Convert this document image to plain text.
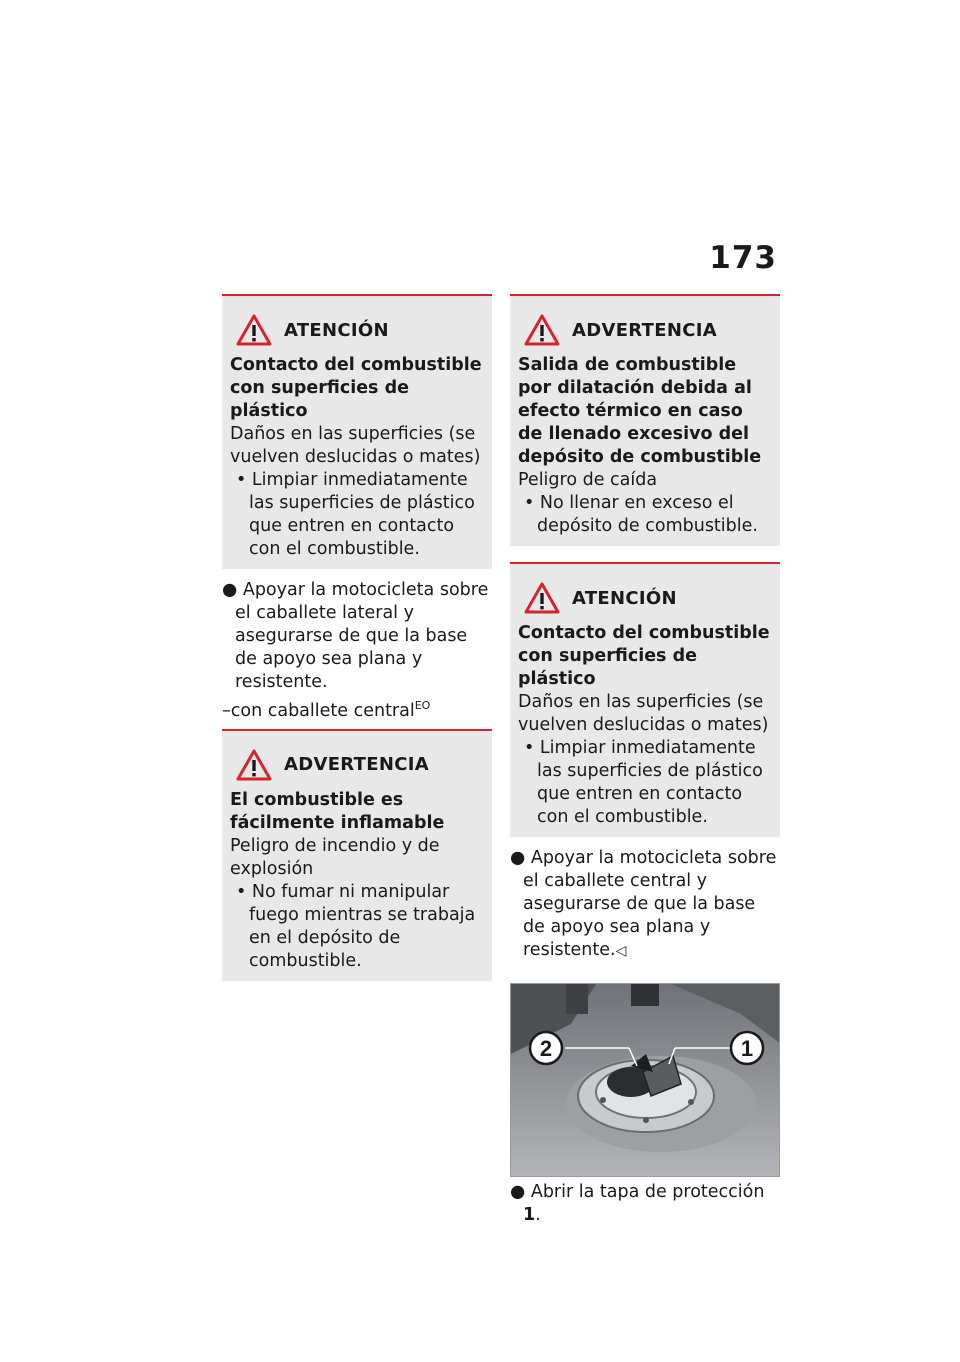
173
ATENCIÓN
Contacto del combustible con superficies de plástico
Daños en las superficies (se vuelven deslucidas o mates)
• Limpiar inmediatamente las superficies de plástico que entren en contacto con el combustible.
● Apoyar la motocicleta sobre el caballete lateral y asegurarse de que la base de apoyo sea plana y resistente.
–con caballete central$^{EO}$
ADVERTENCIA
El combustible es fácilmente inflamable
Peligro de incendio y de explosión
• No fumar ni manipular fuego mientras se trabaja en el depósito de combustible.
ADVERTENCIA
Salida de combustible por dilatación debida al efecto térmico en caso de llenado excesivo del depósito de combustible
Peligro de caída
• No llenar en exceso el depósito de combustible.
ATENCIÓN
Contacto del combustible con superficies de plástico
Daños en las superficies (se vuelven deslucidas o mates)
• Limpiar inmediatamente las superficies de plástico que entren en contacto con el combustible.
● Apoyar la motocicleta sobre el caballete central y asegurarse de que la base de apoyo sea plana y resistente.◁
2	1
● Abrir la tapa de protección 1.
